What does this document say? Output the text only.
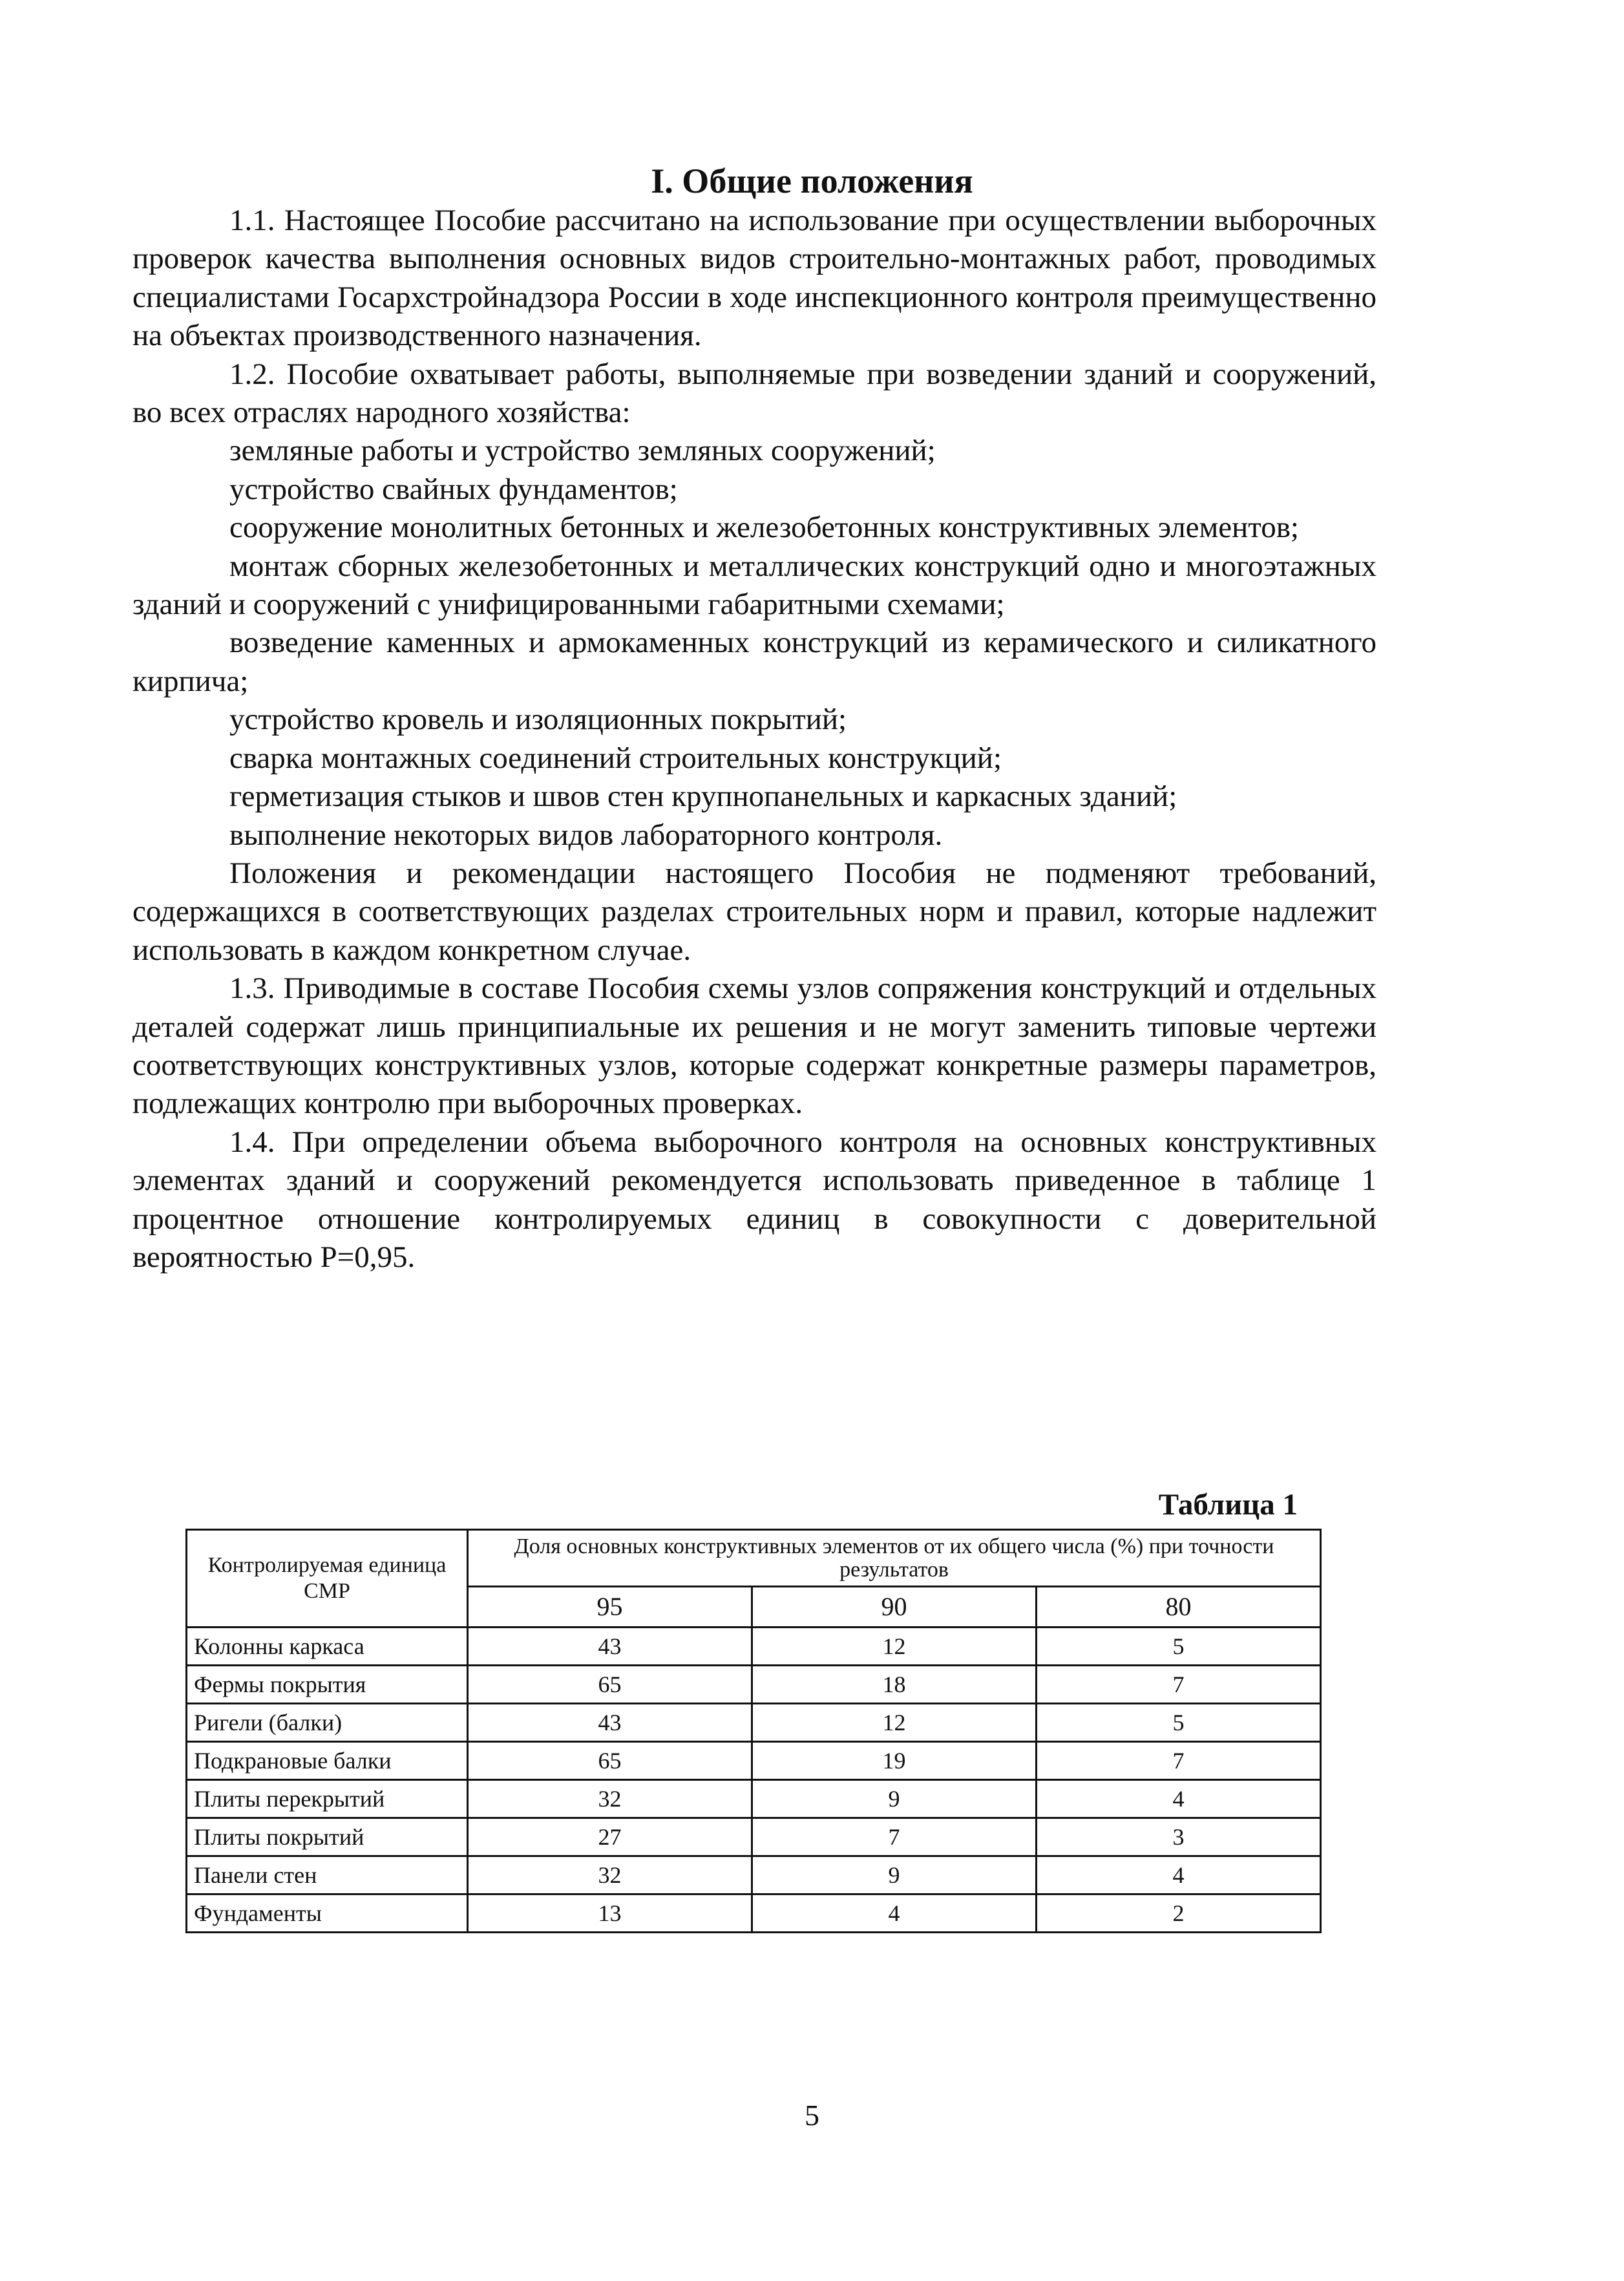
I. Общие положения

1.1. Настоящее Пособие рассчитано на использование при осуществлении выборочных проверок качества выполнения основных видов строительно-монтажных работ, проводимых специалистами Госархстройнадзора России в ходе инспекционного контроля преимущественно на объектах производственного назначения.

1.2. Пособие охватывает работы, выполняемые при возведении зданий и сооружений, во всех отраслях народного хозяйства:

земляные работы и устройство земляных сооружений;

устройство свайных фундаментов;

сооружение монолитных бетонных и железобетонных конструктивных элементов;

монтаж сборных железобетонных и металлических конструкций одно и многоэтажных зданий и сооружений с унифицированными габаритными схемами;

возведение каменных и армокаменных конструкций из керамического и силикатного кирпича;

устройство кровель и изоляционных покрытий;

сварка монтажных соединений строительных конструкций;

герметизация стыков и швов стен крупнопанельных и каркасных зданий;

выполнение некоторых видов лабораторного контроля.

Положения и рекомендации настоящего Пособия не подменяют требований, содержащихся в соответствующих разделах строительных норм и правил, которые надлежит использовать в каждом конкретном случае.

1.3. Приводимые в составе Пособия схемы узлов сопряжения конструкций и отдельных деталей содержат лишь принципиальные их решения и не могут заменить типовые чертежи соответствующих конструктивных узлов, которые содержат конкретные размеры параметров, подлежащих контролю при выборочных проверках.

1.4. При определении объема выборочного контроля на основных конструктивных элементах зданий и сооружений рекомендуется использовать приведенное в таблице 1 процентное отношение контролируемых единиц в совокупности с доверительной вероятностью P=0,95.

Таблица 1
Контролируемая единица СМР	Доля основных конструктивных элементов от их общего числа (%) при точности результатов		
	95	90	80
Колонны каркаса	43	12	5
Фермы покрытия	65	18	7
Ригели (балки)	43	12	5
Подкрановые балки	65	19	7
Плиты перекрытий	32	9	4
Плиты покрытий	27	7	3
Панели стен	32	9	4
Фундаменты	13	4	2
5
